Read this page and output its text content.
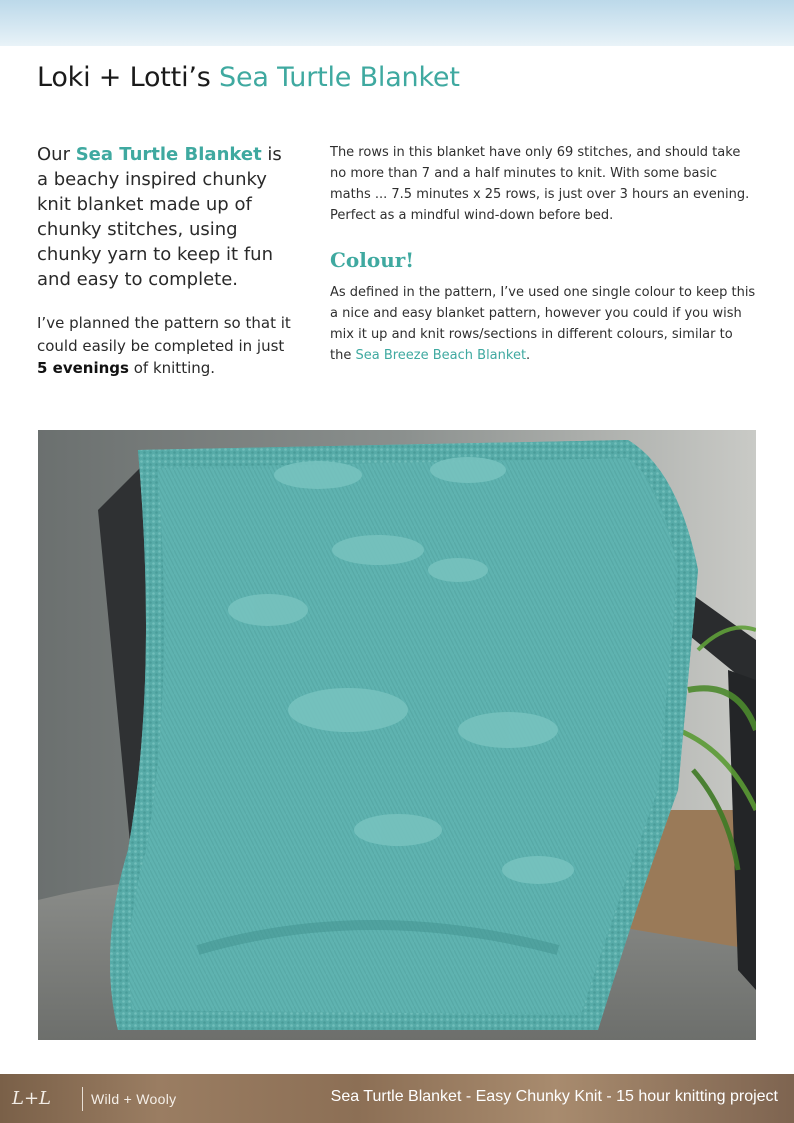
Loki + Lotti’s Sea Turtle Blanket

Our Sea Turtle Blanket is a beachy inspired chunky knit blanket made up of chunky stitches, using chunky yarn to keep it fun and easy to complete.

I’ve planned the pattern so that it could easily be completed in just 5 evenings of knitting.

The rows in this blanket have only 69 stitches, and should take no more than 7 and a half minutes to knit. With some basic maths ... 7.5 minutes x 25 rows, is just over 3 hours an evening. Perfect as a mindful wind-down before bed.

Colour!

As defined in the pattern, I’ve used one single colour to keep this a nice and easy blanket pattern, however you could if you wish mix it up and knit rows/sections in different colours, similar to the Sea Breeze Beach Blanket.

L+L	Wild + Wooly	Sea Turtle Blanket - Easy Chunky Knit - 15 hour knitting project
